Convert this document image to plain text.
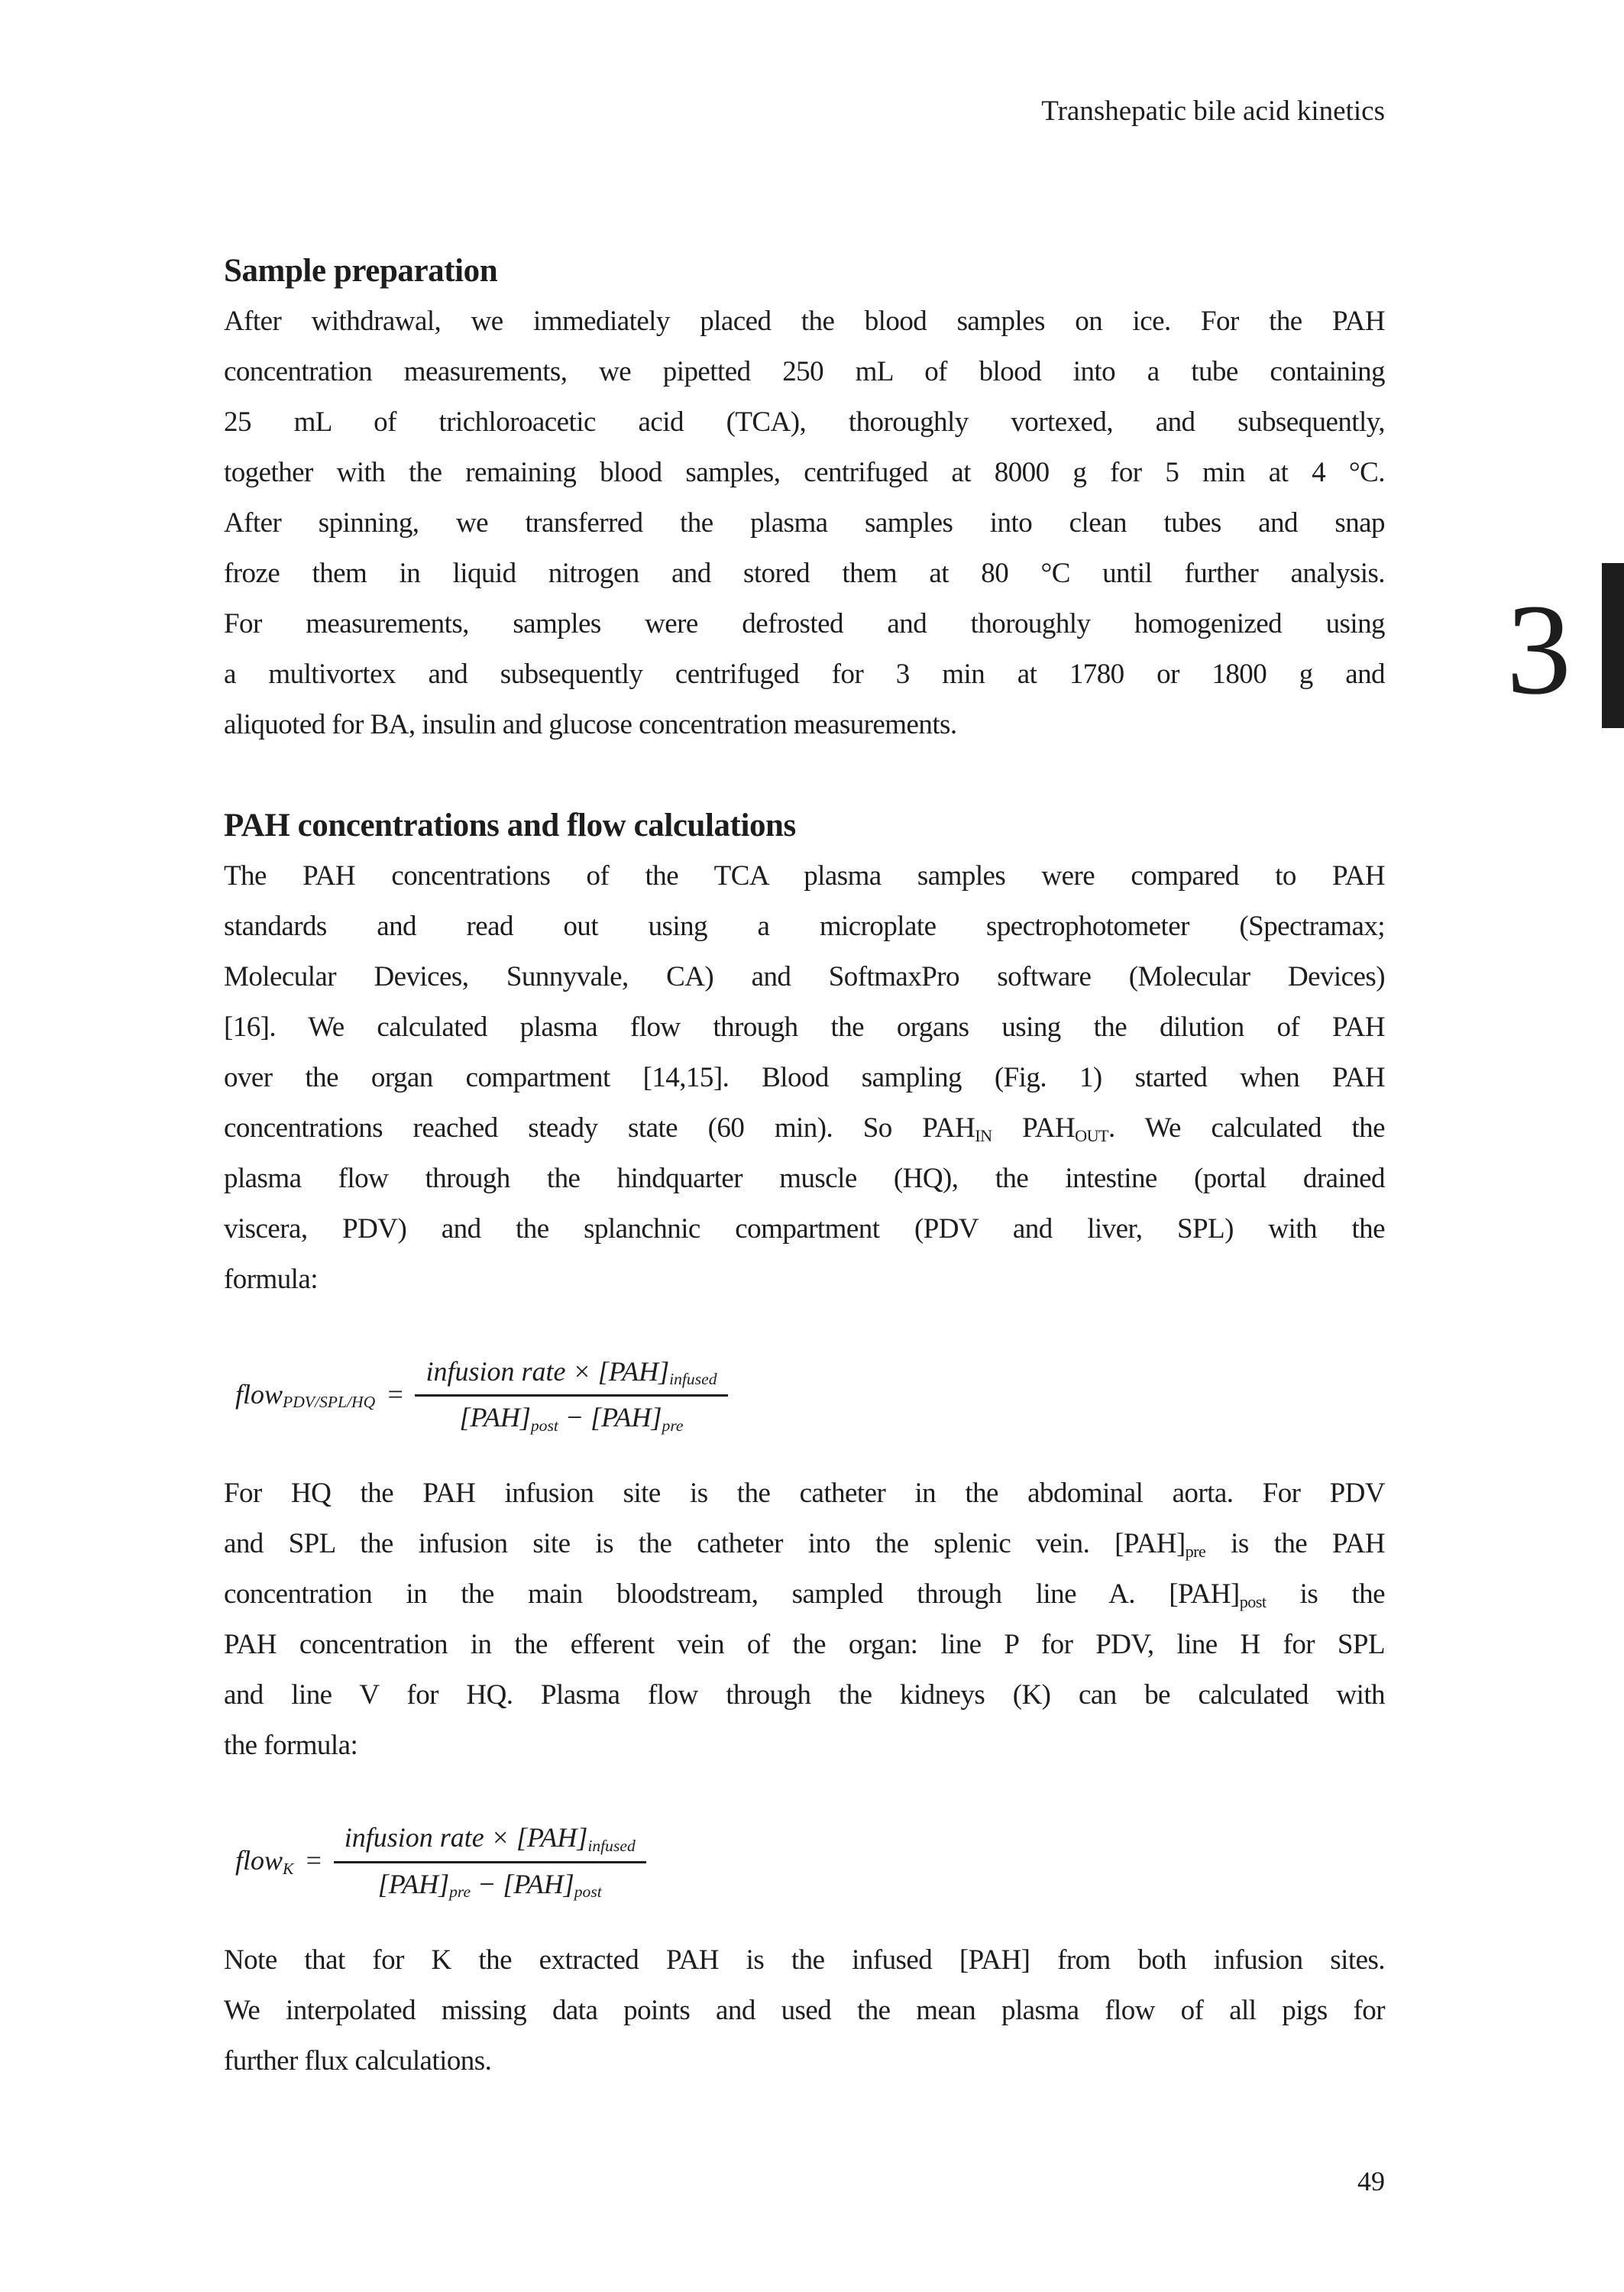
Transhepatic bile acid kinetics
3
Sample preparation
After withdrawal, we immediately placed the blood samples on ice. For the PAH
concentration measurements, we pipetted 250 mL of blood into a tube containing
25 mL of trichloroacetic acid (TCA), thoroughly vortexed, and subsequently,
together with the remaining blood samples, centrifuged at 8000 g for 5 min at 4 °C.
After spinning, we transferred the plasma samples into clean tubes and snap
froze them in liquid nitrogen and stored them at 80 °C until further analysis.
For measurements, samples were defrosted and thoroughly homogenized using
a multivortex and subsequently centrifuged for 3 min at 1780 or 1800 g and
aliquoted for BA, insulin and glucose concentration measurements.
PAH concentrations and flow calculations
The PAH concentrations of the TCA plasma samples were compared to PAH
standards and read out using a microplate spectrophotometer (Spectramax;
Molecular Devices, Sunnyvale, CA) and SoftmaxPro software (Molecular Devices)
[16]. We calculated plasma flow through the organs using the dilution of PAH
over the organ compartment [14,15]. Blood sampling (Fig. 1) started when PAH
concentrations reached steady state (60 min). So $PAH_{IN}$ $PAH_{OUT}$. We calculated the
plasma flow through the hindquarter muscle (HQ), the intestine (portal drained
viscera, PDV) and the splanchnic compartment (PDV and liver, SPL) with the
formula:
flow$_{PDV/SPL/HQ}$ = $\frac{infusion rate \times [PAH]_{infused}}{[PAH]_{post} - [PAH]_{pre}}$
For HQ the PAH infusion site is the catheter in the abdominal aorta. For PDV
and SPL the infusion site is the catheter into the splenic vein. $[PAH]_{pre}$ is the PAH
concentration in the main bloodstream, sampled through line A. $[PAH]_{post}$ is the
PAH concentration in the efferent vein of the organ: line P for PDV, line H for SPL
and line V for HQ. Plasma flow through the kidneys (K) can be calculated with
the formula:
flow$_K$ = $\frac{infusion rate \times [PAH]_{infused}}{[PAH]_{pre} - [PAH]_{post}}$
Note that for K the extracted PAH is the infused [PAH] from both infusion sites.
We interpolated missing data points and used the mean plasma flow of all pigs for
further flux calculations.
49
